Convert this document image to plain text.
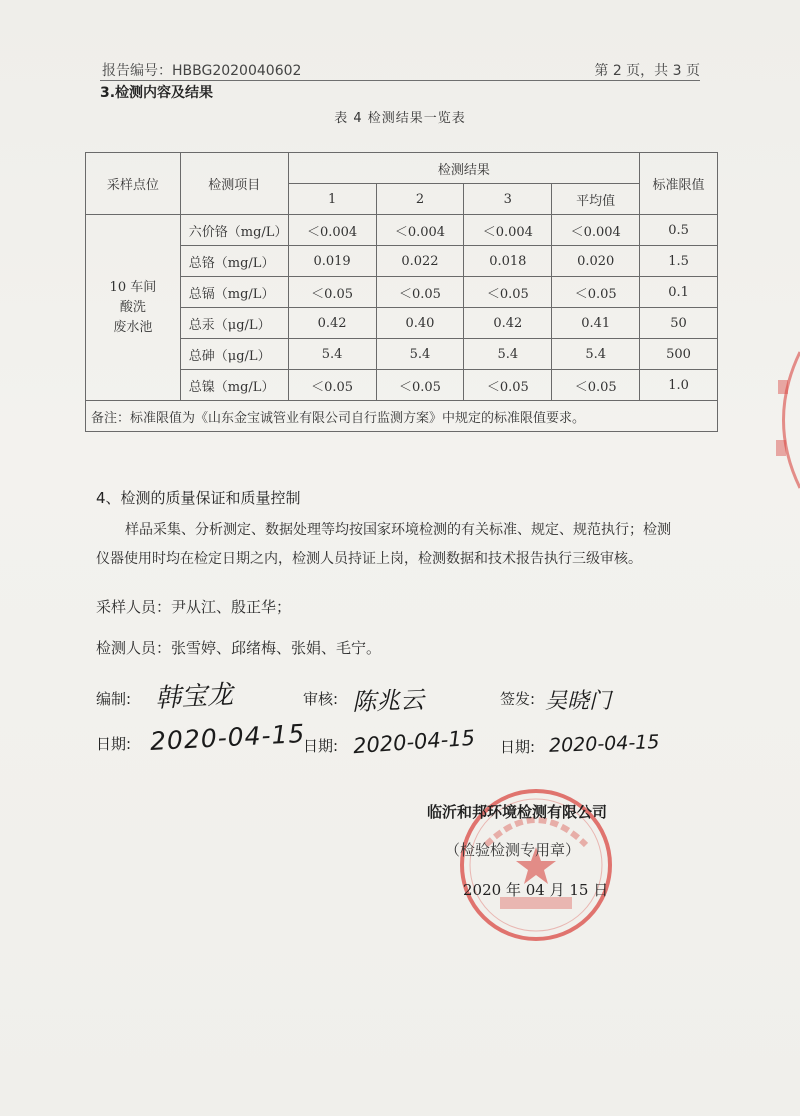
报告编号：HBBG2020040602	第 2 页，共 3 页
3.检测内容及结果
表 4 检测结果一览表
采样点位	检测项目	检测结果				标准限值
		1	2	3	平均值	

10 车间
酸洗
废水池	六价铬（mg/L）	＜0.004	＜0.004	＜0.004	＜0.004	0.5
	总铬（mg/L）	0.019	0.022	0.018	0.020	1.5
	总镉（mg/L）	＜0.05	＜0.05	＜0.05	＜0.05	0.1
	总汞（μg/L）	0.42	0.40	0.42	0.41	50
	总砷（μg/L）	5.4	5.4	5.4	5.4	500
	总镍（mg/L）	＜0.05	＜0.05	＜0.05	＜0.05	1.0
备注：标准限值为《山东金宝诚管业有限公司自行监测方案》中规定的标准限值要求。						
4、检测的质量保证和质量控制
样品采集、分析测定、数据处理等均按国家环境检测的有关标准、规定、规范执行；检测
仪器使用时均在检定日期之内，检测人员持证上岗，检测数据和技术报告执行三级审核。
采样人员：尹从江、殷正华；
检测人员：张雪婷、邱绪梅、张娟、毛宁。
编制: 韩宝龙	审核: 陈兆云	签发: 吴晓门
日期: 2020-04-15
日期: 2020-04-15 日期: 2020-04-15
临沂和邦环境检测有限公司
（检验检测专用章）
2020 年 04 月 15 日
